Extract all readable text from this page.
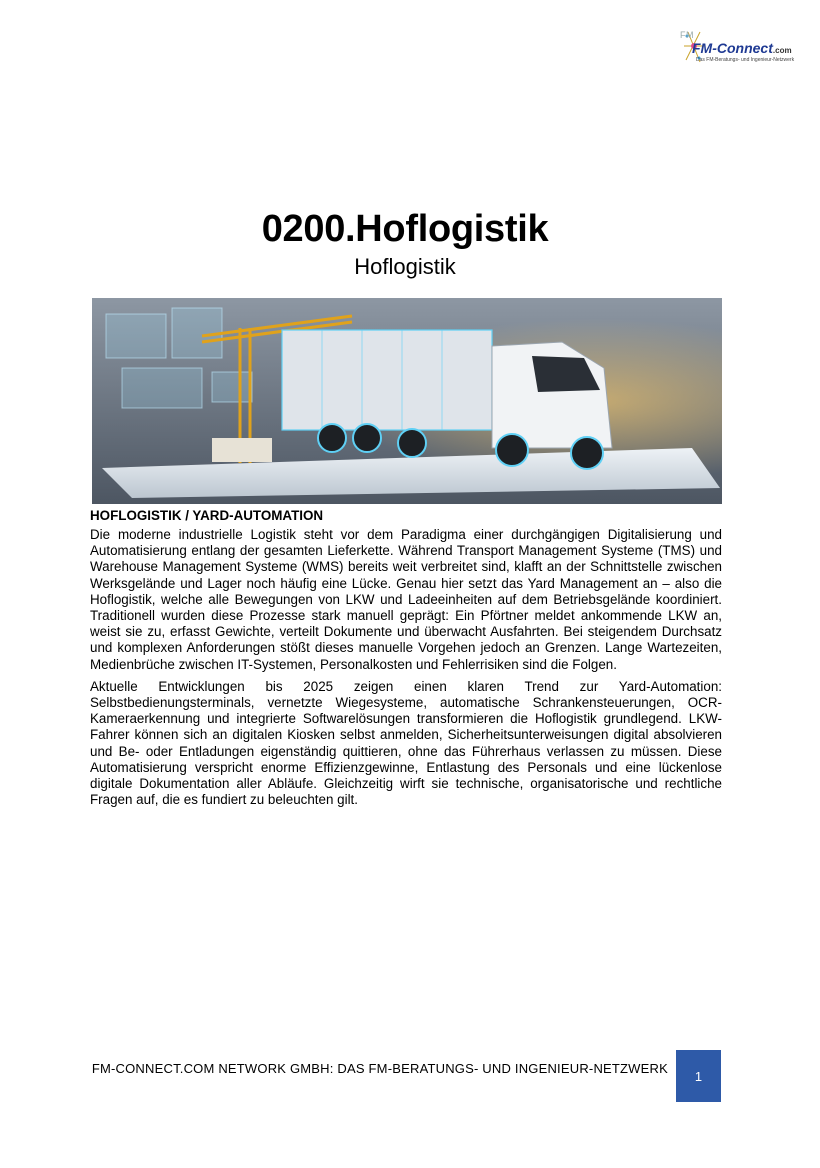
FM
FM-Connect.com
Das FM-Beratungs- und Ingenieur-Netzwerk
0200.Hoflogistik
Hoflogistik
HOFLOGISTIK / YARD-AUTOMATION

Die moderne industrielle Logistik steht vor dem Paradigma einer durchgängigen Digitalisierung und Automatisierung entlang der gesamten Lieferkette. Während Transport Management Systeme (TMS) und Warehouse Management Systeme (WMS) bereits weit verbreitet sind, klafft an der Schnittstelle zwischen Werksgelände und Lager noch häufig eine Lücke. Genau hier setzt das Yard Management an – also die Hoflogistik, welche alle Bewegungen von LKW und Ladeeinheiten auf dem Betriebsgelände koordiniert. Traditionell wurden diese Prozesse stark manuell geprägt: Ein Pförtner meldet ankommende LKW an, weist sie zu, erfasst Gewichte, verteilt Dokumente und überwacht Ausfahrten. Bei steigendem Durchsatz und komplexen Anforderungen stößt dieses manuelle Vorgehen jedoch an Grenzen. Lange Wartezeiten, Medienbrüche zwischen IT-Systemen, Personalkosten und Fehlerrisiken sind die Folgen.

Aktuelle Entwicklungen bis 2025 zeigen einen klaren Trend zur Yard-Automation: Selbstbedienungsterminals, vernetzte Wiegesysteme, automatische Schrankensteuerungen, OCR-Kameraerkennung und integrierte Softwarelösungen transformieren die Hoflogistik grundlegend. LKW-Fahrer können sich an digitalen Kiosken selbst anmelden, Sicherheitsunterweisungen digital absolvieren und Be- oder Entladungen eigenständig quittieren, ohne das Führerhaus verlassen zu müssen. Diese Automatisierung verspricht enorme Effizienzgewinne, Entlastung des Personals und eine lückenlose digitale Dokumentation aller Abläufe. Gleichzeitig wirft sie technische, organisatorische und rechtliche Fragen auf, die es fundiert zu beleuchten gilt.

FM-CONNECT.COM NETWORK GMBH: DAS FM-BERATUNGS- UND INGENIEUR-NETZWERK 1
